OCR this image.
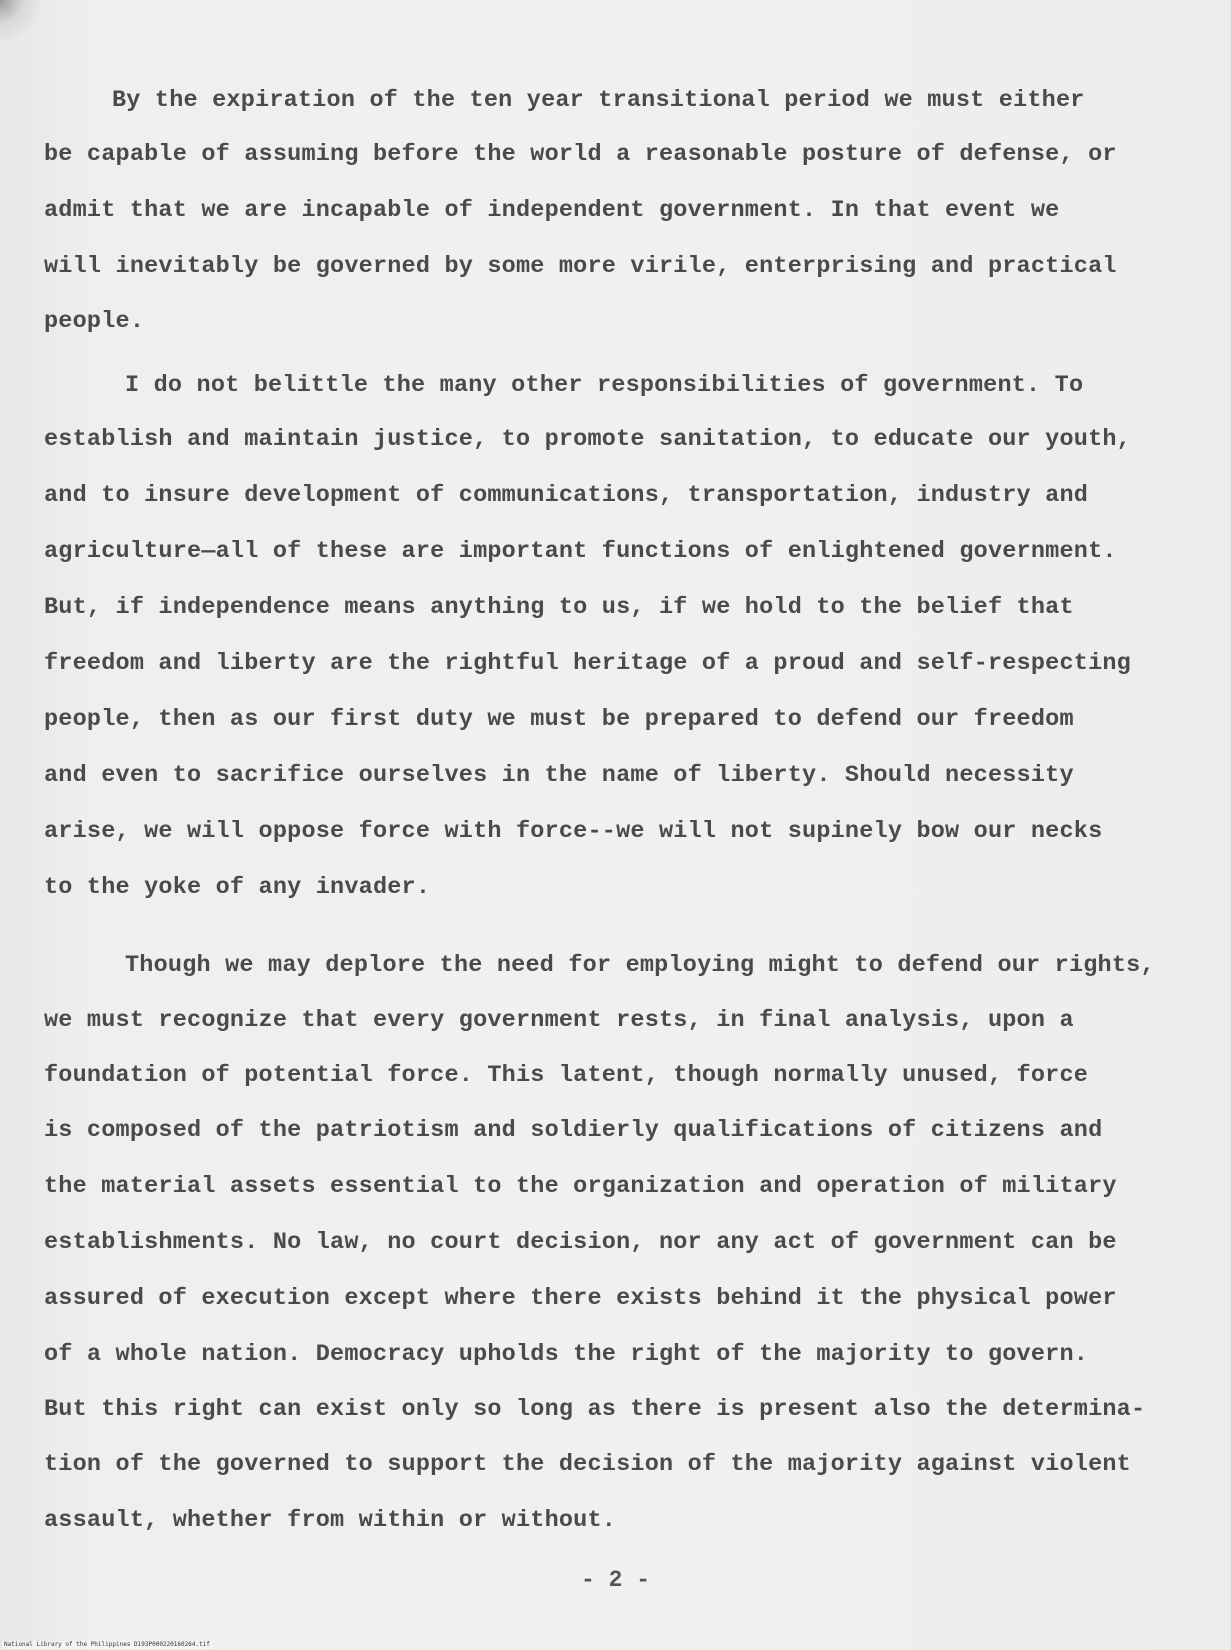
By the expiration of the ten year transitional period we must either

be capable of assuming before the world a reasonable posture of defense, or

admit that we are incapable of independent government. In that event we

will inevitably be governed by some more virile, enterprising and practical

people.

I do not belittle the many other responsibilities of government. To

establish and maintain justice, to promote sanitation, to educate our youth,

and to insure development of communications, transportation, industry and

agriculture—all of these are important functions of enlightened government.

But, if independence means anything to us, if we hold to the belief that

freedom and liberty are the rightful heritage of a proud and self-respecting

people, then as our first duty we must be prepared to defend our freedom

and even to sacrifice ourselves in the name of liberty. Should necessity

arise, we will oppose force with force--we will not supinely bow our necks

to the yoke of any invader.

Though we may deplore the need for employing might to defend our rights,

we must recognize that every government rests, in final analysis, upon a

foundation of potential force. This latent, though normally unused, force

is composed of the patriotism and soldierly qualifications of citizens and

the material assets essential to the organization and operation of military

establishments. No law, no court decision, nor any act of government can be

assured of execution except where there exists behind it the physical power

of a whole nation. Democracy upholds the right of the majority to govern.

But this right can exist only so long as there is present also the determina-

tion of the governed to support the decision of the majority against violent

assault, whether from within or without.

- 2 -
National Library of the Philippines D193P000220160264.tif
